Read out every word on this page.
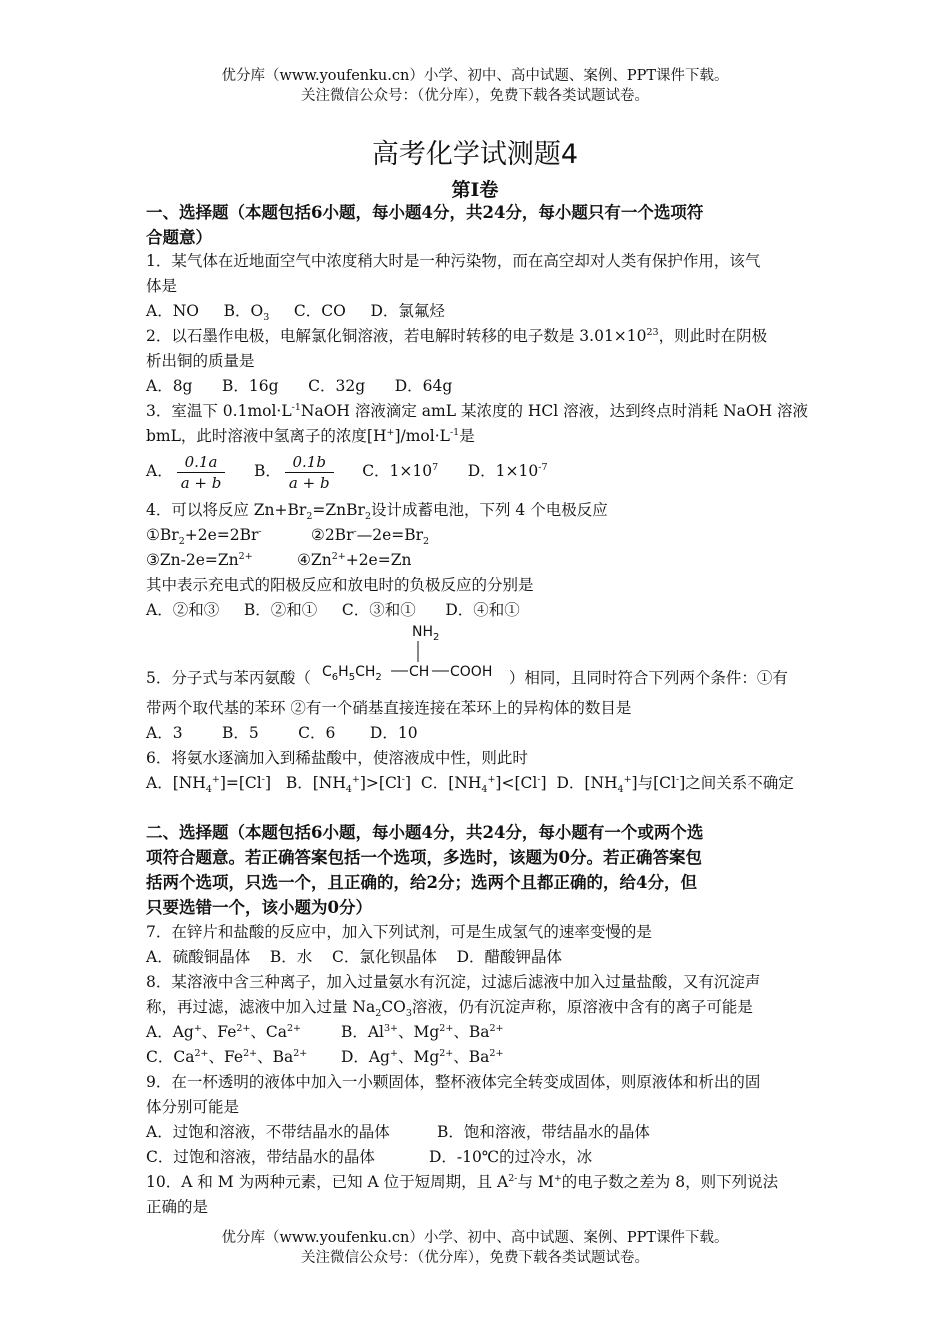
优分库（www.youfenku.cn）小学、初中、高中试题、案例、PPT课件下载。
关注微信公众号：（优分库），免费下载各类试题试卷。
高考化学试测题4
第Ⅰ卷
一、选择题（本题包括6小题，每小题4分，共24分，每小题只有一个选项符
合题意）
1．某气体在近地面空气中浓度稍大时是一种污染物，而在高空却对人类有保护作用，该气
体是
A．NO B．$O_3$ C．CO D．氯氟烃
2．以石墨作电极，电解氯化铜溶液，若电解时转移的电子数是 $3.01\times 10^{23}$，则此时在阴极
析出铜的质量是
A．8g B．16g C．32g D．64g
3．室温下 $0.1mol\cdot L^{-1}NaOH$ 溶液滴定 amL 某浓度的 HCl 溶液，达到终点时消耗 NaOH 溶液
bmL，此时溶液中氢离子的浓度$[H^+]/mol\cdot L^{-1}$是
A． $\frac{0.1a}{a + b}$ B． $\frac{0.1b}{a + b}$ C．$1\times 10^7$ D．$1\times 10^{-7}$
4．可以将反应 $Zn+Br_2=ZnBr_2$设计成蓄电池，下列 4 个电极反应
$①Br_2+2e=2Br^-$	$②2Br^-—2e=Br_2$
③Zn-$2e=Zn^{2+}$	$④Zn^{2+}+2e=Zn$
其中表示充电式的阳极反应和放电时的负极反应的分别是
A．②和③ B．②和① C．③和① D．④和①
$NH_2$
$C_6H_5CH_2$ CH COOH
5．分子式与苯丙氨酸（	）相同，且同时符合下列两个条件：①有
带两个取代基的苯环 ②有一个硝基直接连接在苯环上的异构体的数目是
A．3	B．5	C．6 D．10
6．将氨水逐滴加入到稀盐酸中，使溶液成中性，则此时
A．$[NH_4^+]=[Cl^-]$ B．$[NH_4^+]>[Cl^-]$ C．$[NH_4^+]<[Cl^-]$ D．$[NH_4^+]$与[Cl-]之间关系不确定
二、选择题（本题包括6小题，每小题4分，共24分，每小题有一个或两个选
项符合题意。若正确答案包括一个选项，多选时，该题为0分。若正确答案包
括两个选项，只选一个，且正确的，给2分；选两个且都正确的，给4分，但
只要选错一个，该小题为0分）
7．在锌片和盐酸的反应中，加入下列试剂，可是生成氢气的速率变慢的是
A．硫酸铜晶体 B．水 C．氯化钡晶体 D．醋酸钾晶体
8．某溶液中含三种离子，加入过量氨水有沉淀，过滤后滤液中加入过量盐酸，又有沉淀声
称，再过滤，滤液中加入过量 $Na_2CO_3$溶液，仍有沉淀声称，原溶液中含有的离子可能是
A．Ag+、$Fe^{2+}$、$Ca^{2+}$	B．$Al^{3+}$、$Mg^{2+}$、$Ba^{2+}$
C．$Ca^{2+}$、$Fe^{2+}$、$Ba^{2+}$ D．Ag+、$Mg^{2+}$、$Ba^{2+}$
9．在一杯透明的液体中加入一小颗固体，整杯液体完全转变成固体，则原液体和析出的固
体分别可能是
A．过饱和溶液，不带结晶水的晶体	B．饱和溶液，带结晶水的晶体
C．过饱和溶液，带结晶水的晶体	D．-10℃的过冷水，冰
10．A 和 M 为两种元素，已知 A 位于短周期，且 $A^{2-}$与 M+的电子数之差为 8，则下列说法
正确的是
优分库（www.youfenku.cn）小学、初中、高中试题、案例、PPT课件下载。
关注微信公众号：（优分库），免费下载各类试题试卷。
